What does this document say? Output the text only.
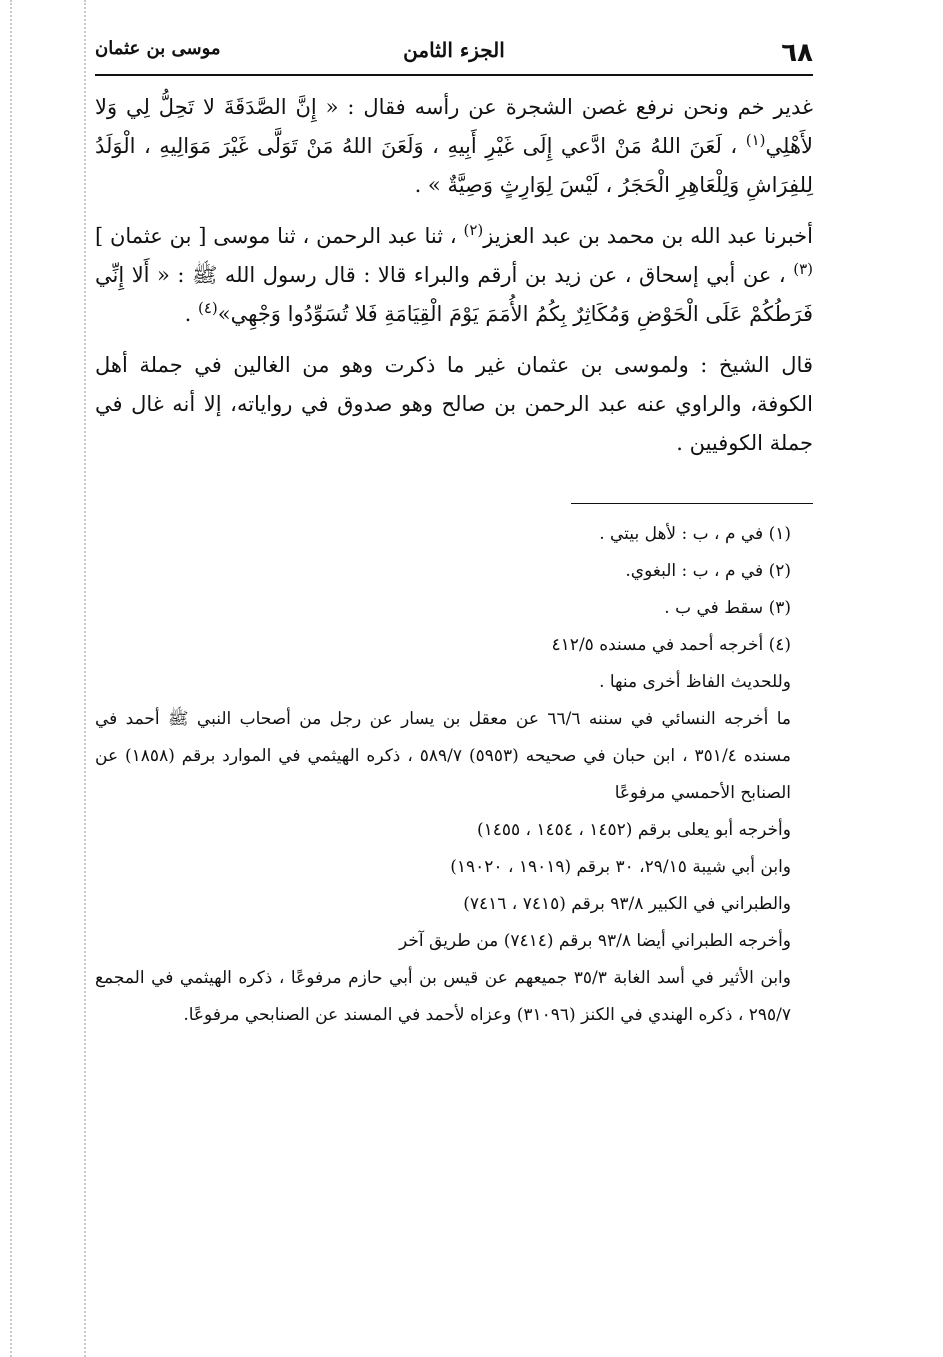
٦٨
الجزء الثامن
موسى بن عثمان

غدير خم ونحن نرفع غصن الشجرة عن رأسه فقال : « إِنَّ الصَّدَقَةَ لا تَحِلُّ لِي وَلا لأَهْلِي$^{(١)}$ ، لَعَنَ اللهُ مَنْ ادَّعي إِلَى غَيْرِ أَبِيهِ ، وَلَعَنَ اللهُ مَنْ تَوَلَّى غَيْرَ مَوَالِيهِ ، الْوَلَدُ لِلفِرَاشِ وَلِلْعَاهِرِ الْحَجَرُ ، لَيْسَ لِوَارِثٍ وَصِيَّةٌ » .

أخبرنا عبد الله بن محمد بن عبد العزيز$^{(٢)}$ ، ثنا عبد الرحمن ، ثنا موسى [ بن عثمان ]$^{(٣)}$ ، عن أبي إسحاق ، عن زيد بن أرقم والبراء قالا : قال رسول الله ﷺ : « أَلا إِنِّي فَرَطُكُمْ عَلَى الْحَوْضِ وَمُكَاثِرٌ بِكُمُ الأُمَمَ يَوْمَ الْقِيَامَةِ فَلا تُسَوِّدُوا وَجْهِي»$^{(٤)}$ .

قال الشيخ : ولموسى بن عثمان غير ما ذكرت وهو من الغالين في جملة أهل الكوفة، والراوي عنه عبد الرحمن بن صالح وهو صدوق في رواياته، إلا أنه غال في جملة الكوفيين .

(١) في م ، ب : لأهل بيتي .
(٢) في م ، ب : البغوي.
(٣) سقط في ب .
(٤) أخرجه أحمد في مسنده ٤١٢/٥
وللحديث الفاظ أخرى منها .
ما أخرجه النسائي في سننه ٦٦/٦ عن معقل بن يسار عن رجل من أصحاب النبي ﷺ أحمد في مسنده ٣٥١/٤ ، ابن حبان في صحيحه (٥٩٥٣) ٥٨٩/٧ ، ذكره الهيثمي في الموارد برقم (١٨٥٨) عن الصنابح الأحمسي مرفوعًا
وأخرجه أبو يعلى برقم (١٤٥٢ ، ١٤٥٤ ، ١٤٥٥)
وابن أبي شيبة ٢٩/١٥، ٣٠ برقم (١٩٠١٩ ، ١٩٠٢٠)
والطبراني في الكبير ٩٣/٨ برقم (٧٤١٥ ، ٧٤١٦)
وأخرجه الطبراني أيضا ٩٣/٨ برقم (٧٤١٤) من طريق آخر
وابن الأثير في أسد الغابة ٣٥/٣ جميعهم عن قيس بن أبي حازم مرفوعًا ، ذكره الهيثمي في المجمع ٢٩٥/٧ ، ذكره الهندي في الكنز (٣١٠٩٦) وعزاه لأحمد في المسند عن الصنابحي مرفوعًا.
